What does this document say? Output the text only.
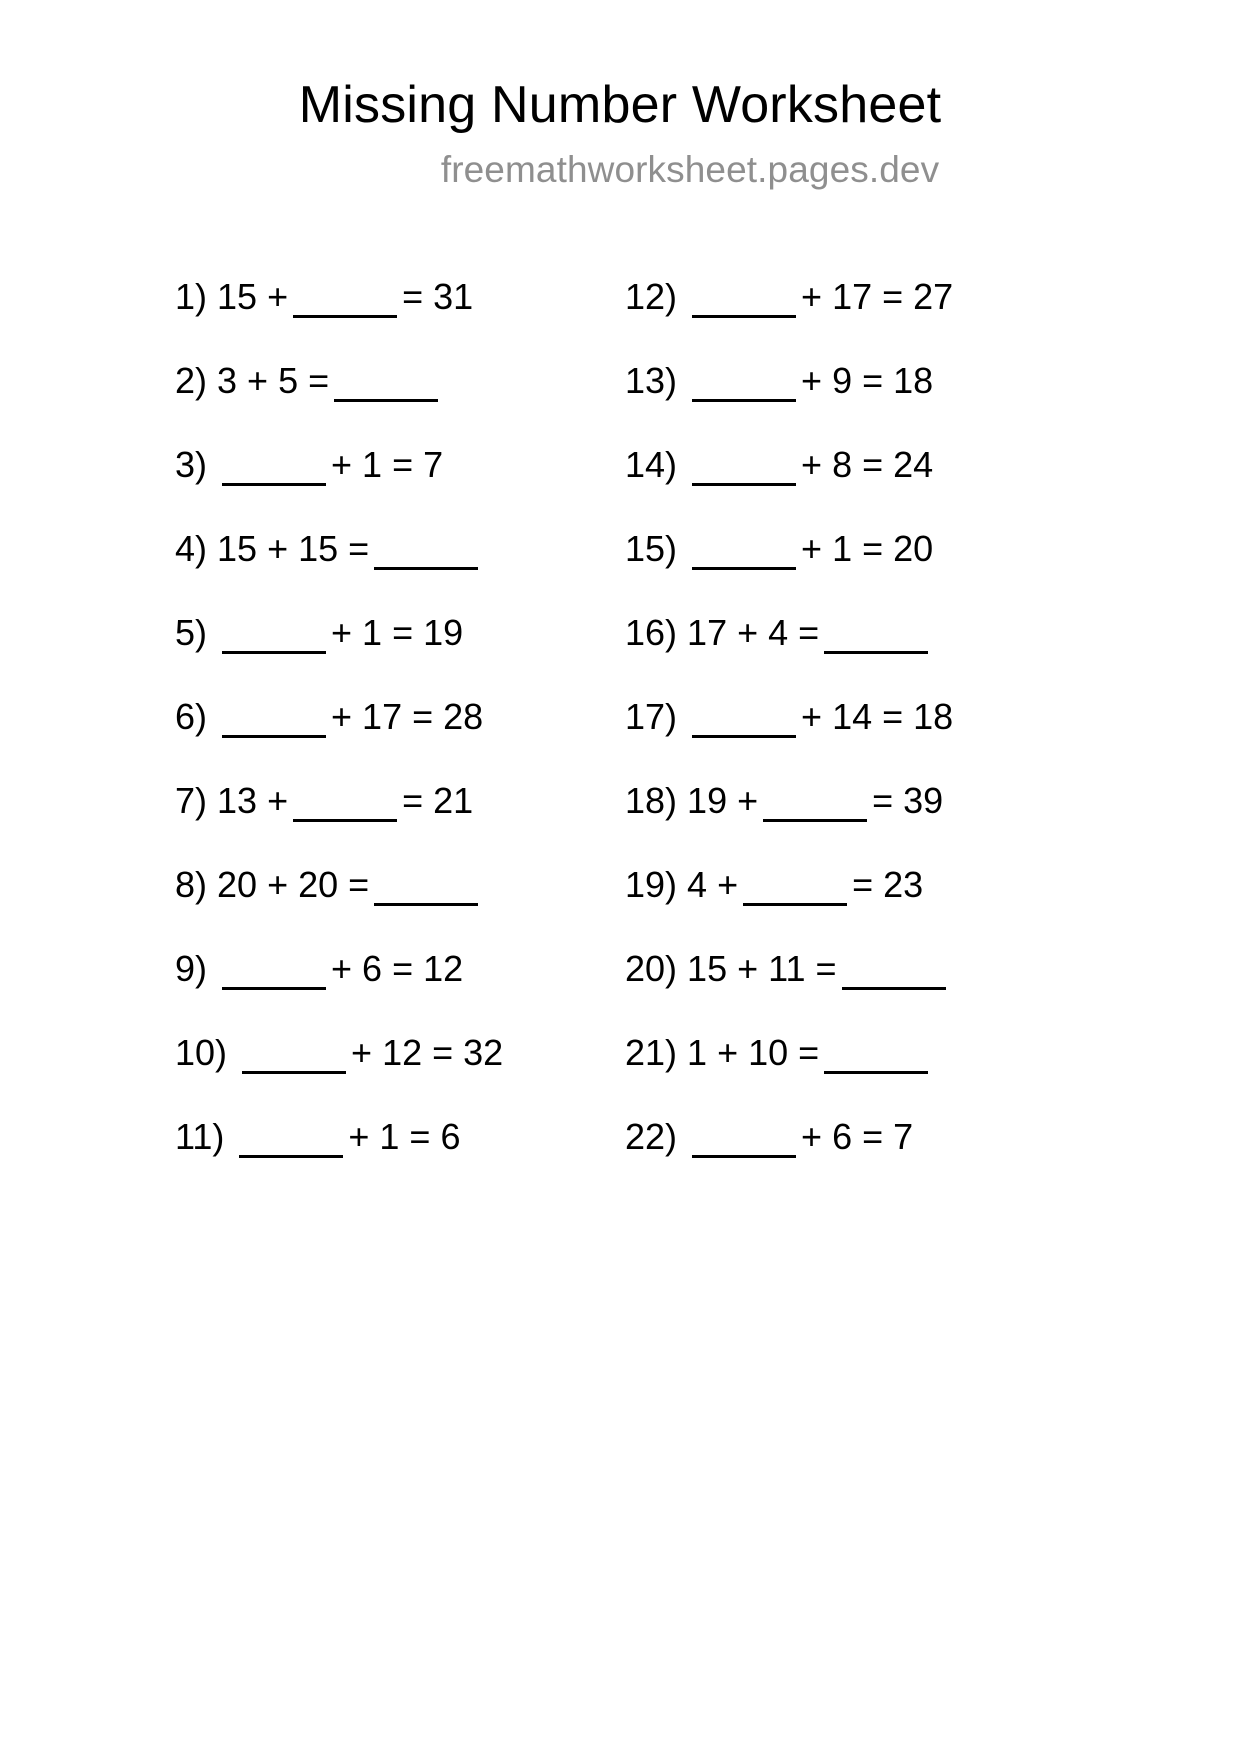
Missing Number Worksheet
freemathworksheet.pages.dev
1)
15 +	= 31
2)
3 + 5 =
3)
	+ 1 = 7
4)
15 + 15 =
5)
	+ 1 = 19
6)
	+ 17 = 28
7)
13 +	= 21
8)
20 + 20 =
9)
	+ 6 = 12
10)
	+ 12 = 32
11)
	+ 1 = 6
12)
	+ 17 = 27
13)
	+ 9 = 18
14)
	+ 8 = 24
15)
	+ 1 = 20
16)
17 + 4 =
17)
	+ 14 = 18
18)
19 +	= 39
19)
4 +	= 23
20)
15 + 11 =
21)
1 + 10 =
22)
	+ 6 = 7
